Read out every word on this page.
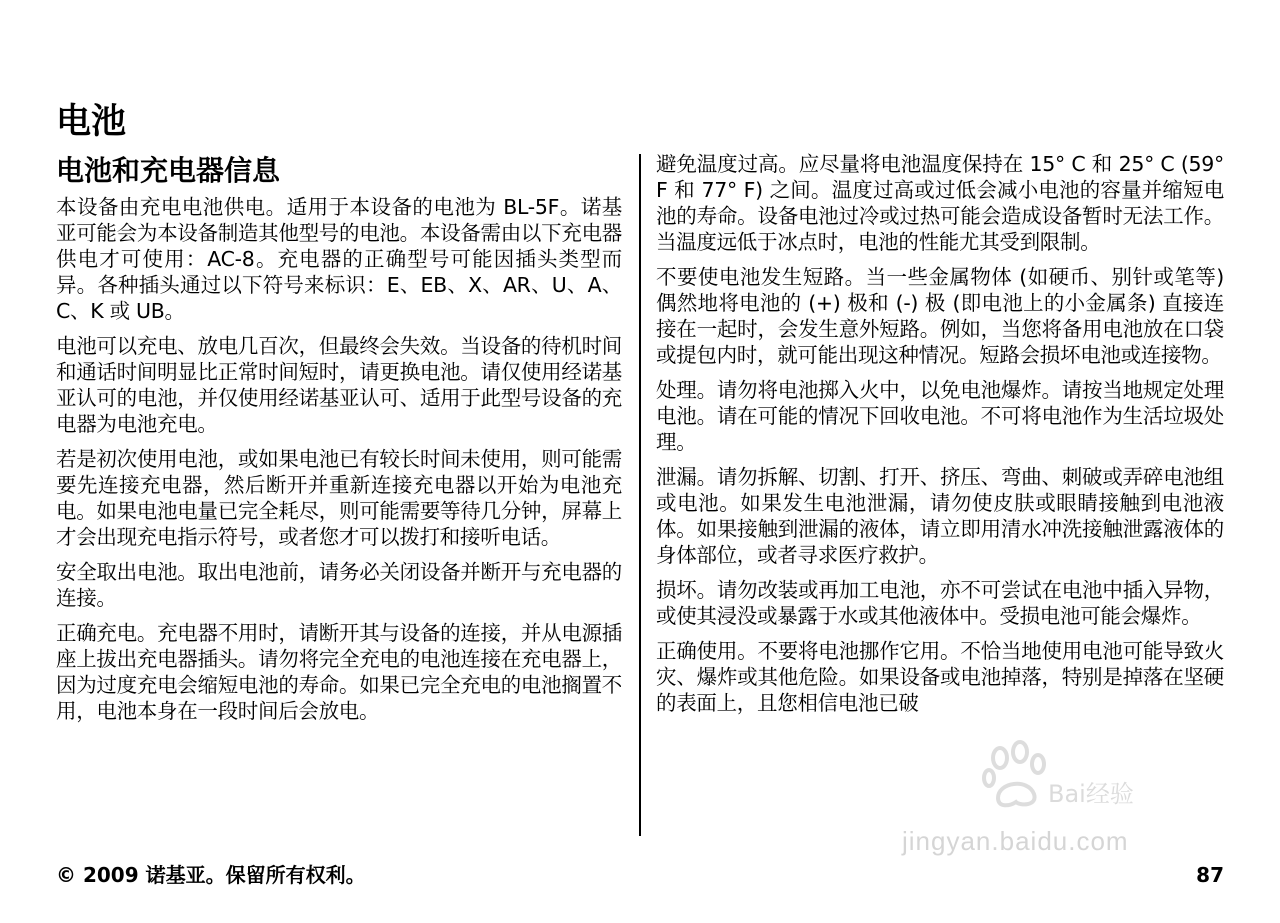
电池
电池和充电器信息

本设备由充电电池供电。适用于本设备的电池为 BL-5F。诺基亚可能会为本设备制造其他型号的电池。本设备需由以下充电器供电才可使用：AC-8。充电器的正确型号可能因插头类型而异。各种插头通过以下符号来标识：E、EB、X、AR、U、A、C、K 或 UB。

电池可以充电、放电几百次，但最终会失效。当设备的待机时间和通话时间明显比正常时间短时，请更换电池。请仅使用经诺基亚认可的电池，并仅使用经诺基亚认可、适用于此型号设备的充电器为电池充电。

若是初次使用电池，或如果电池已有较长时间未使用，则可能需要先连接充电器，然后断开并重新连接充电器以开始为电池充电。如果电池电量已完全耗尽，则可能需要等待几分钟，屏幕上才会出现充电指示符号，或者您才可以拨打和接听电话。

安全取出电池。取出电池前，请务必关闭设备并断开与充电器的连接。

正确充电。充电器不用时，请断开其与设备的连接，并从电源插座上拔出充电器插头。请勿将完全充电的电池连接在充电器上，因为过度充电会缩短电池的寿命。如果已完全充电的电池搁置不用，电池本身在一段时间后会放电。

避免温度过高。应尽量将电池温度保持在 15° C 和 25° C (59° F 和 77° F) 之间。温度过高或过低会减小电池的容量并缩短电池的寿命。设备电池过冷或过热可能会造成设备暂时无法工作。当温度远低于冰点时，电池的性能尤其受到限制。

不要使电池发生短路。当一些金属物体 (如硬币、别针或笔等) 偶然地将电池的 (+) 极和 (-) 极 (即电池上的小金属条) 直接连接在一起时，会发生意外短路。例如，当您将备用电池放在口袋或提包内时，就可能出现这种情况。短路会损坏电池或连接物。

处理。请勿将电池掷入火中，以免电池爆炸。请按当地规定处理电池。请在可能的情况下回收电池。不可将电池作为生活垃圾处理。

泄漏。请勿拆解、切割、打开、挤压、弯曲、刺破或弄碎电池组或电池。如果发生电池泄漏，请勿使皮肤或眼睛接触到电池液体。如果接触到泄漏的液体，请立即用清水冲洗接触泄露液体的身体部位，或者寻求医疗救护。

损坏。请勿改装或再加工电池，亦不可尝试在电池中插入异物，或使其浸没或暴露于水或其他液体中。受损电池可能会爆炸。

正确使用。不要将电池挪作它用。不恰当地使用电池可能导致火灾、爆炸或其他危险。如果设备或电池掉落，特别是掉落在坚硬的表面上，且您相信电池已破

Bai经验
jingyan.baidu.com
© 2009 诺基亚。保留所有权利。	87
